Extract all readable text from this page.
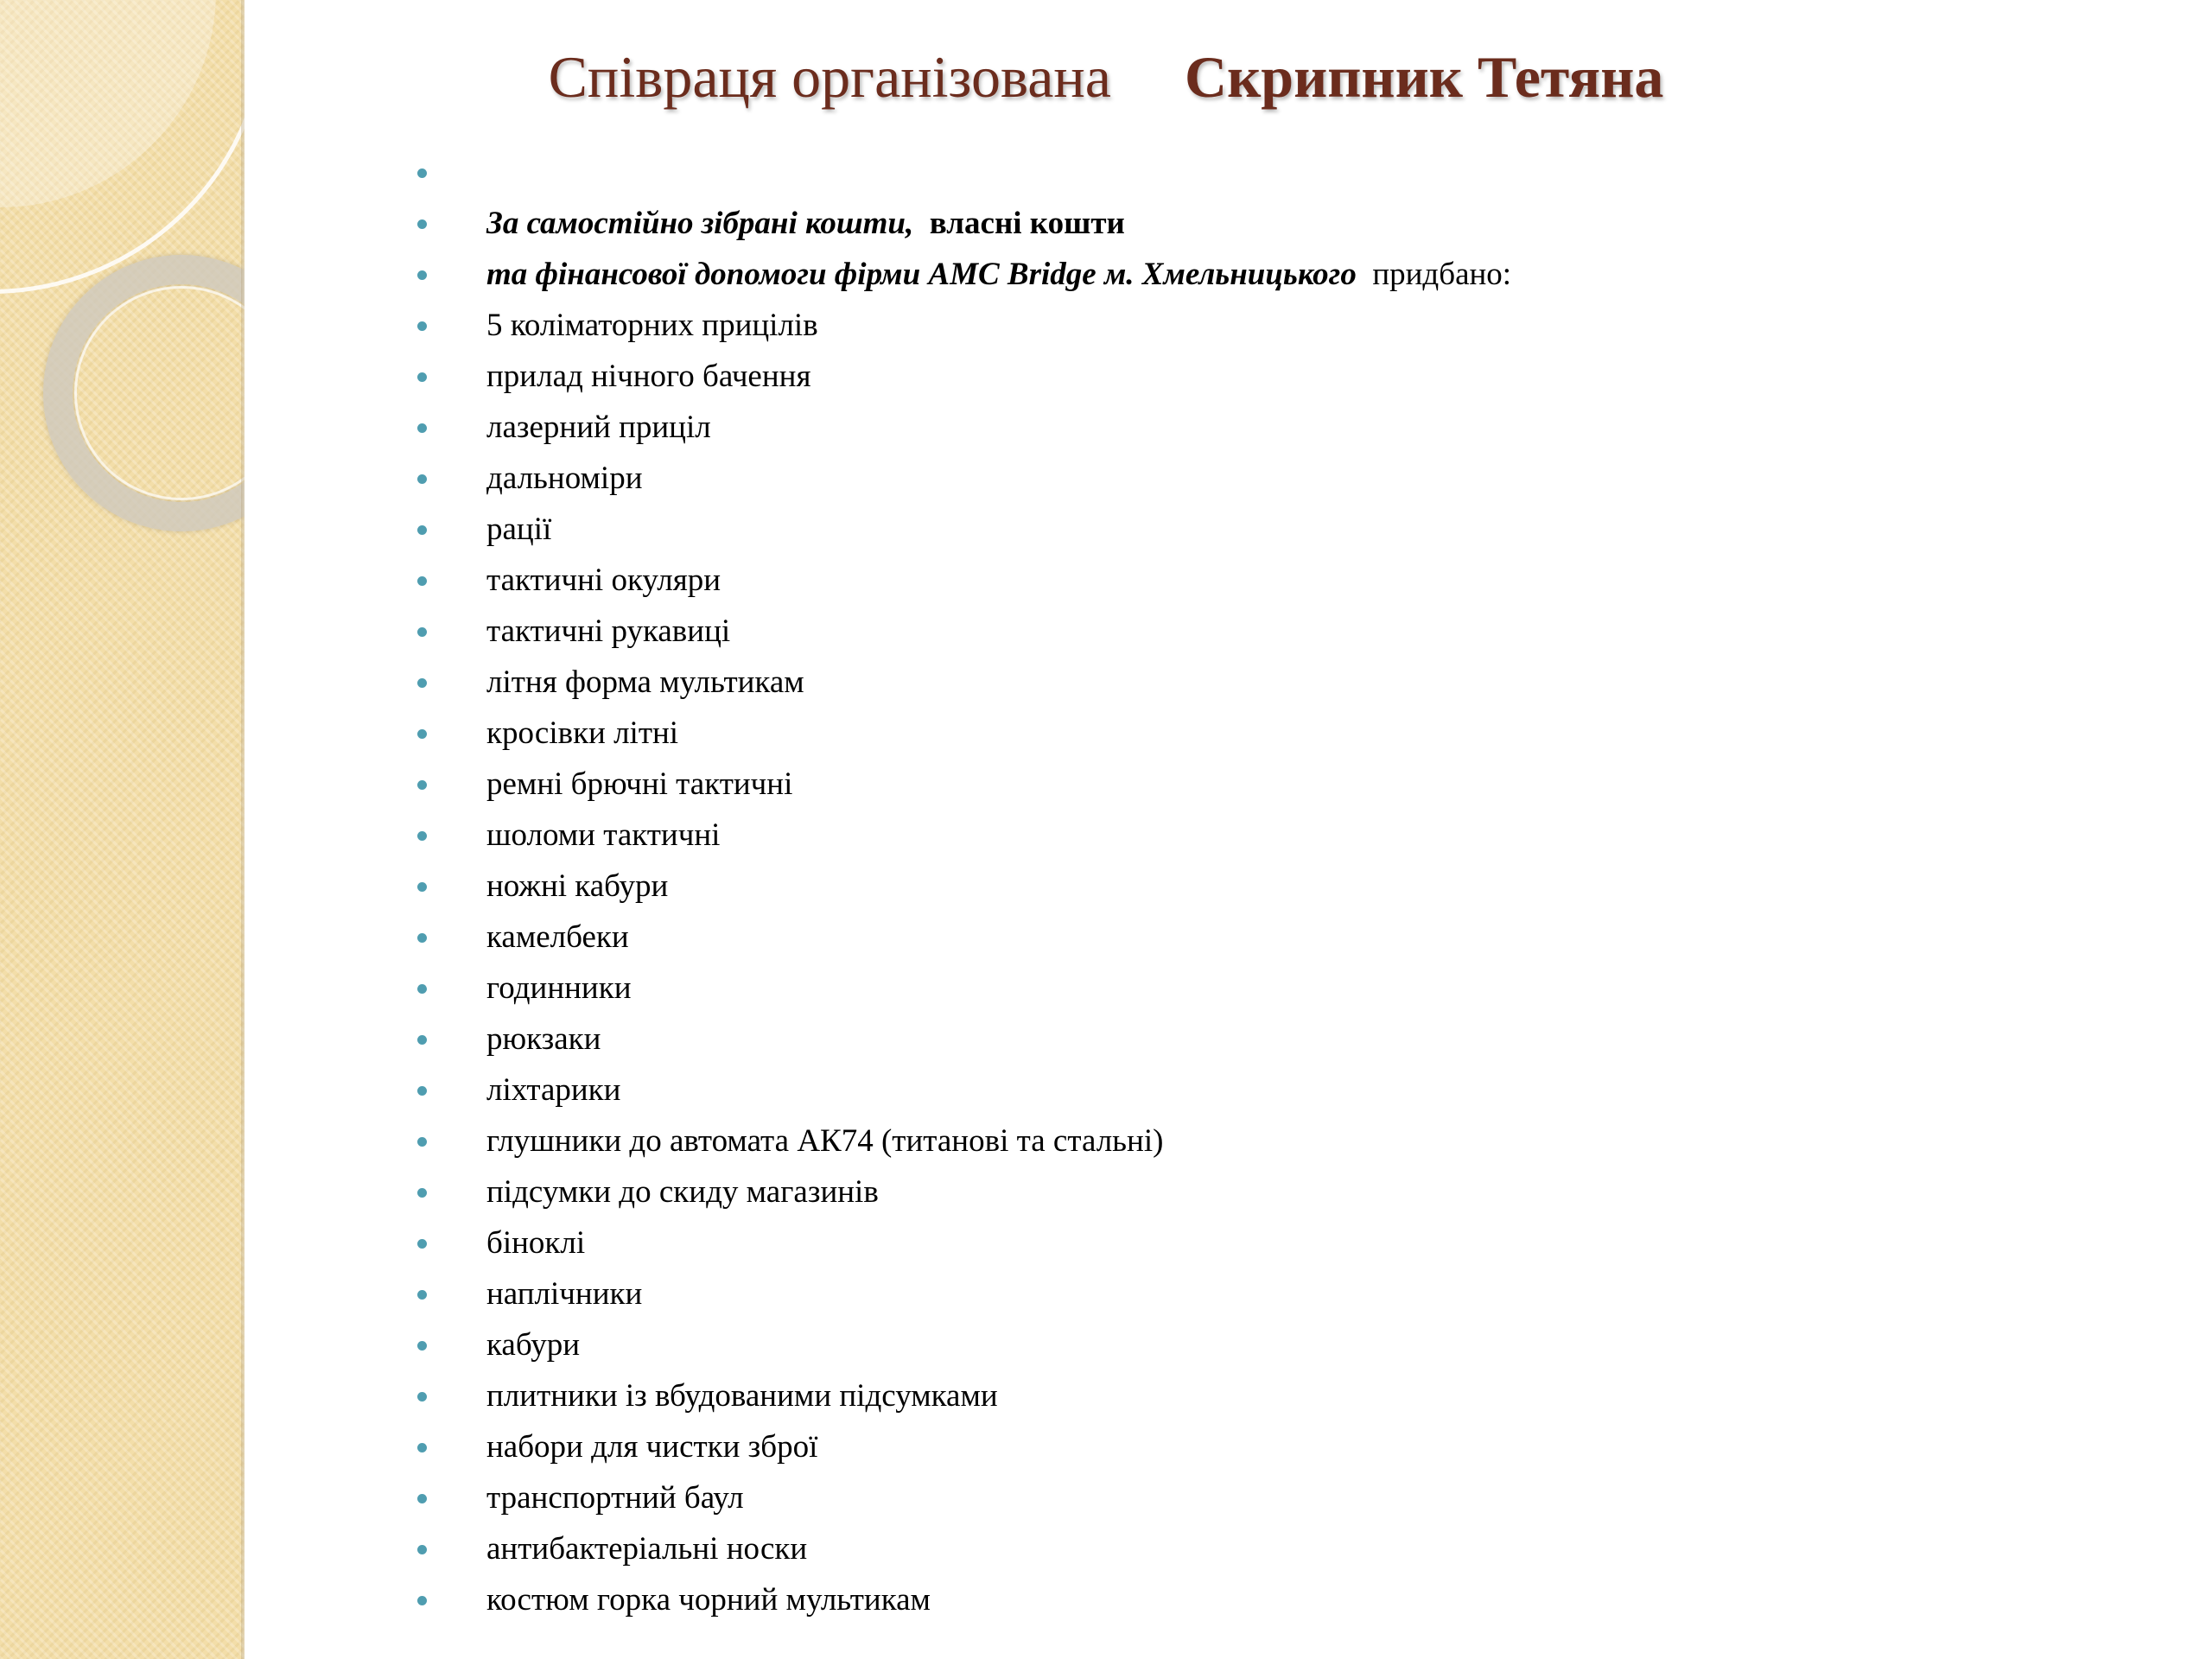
Співраця організована Скрипник Тетяна
За самостійно зібрані кошти,  власні кошти
та фінансової допомоги фірми AMC Bridge м. Хмельницького  придбано:
5 коліматорних прицілів
прилад нічного бачення
лазерний приціл
дальноміри
рації
тактичні окуляри
тактичні рукавиці
літня форма мультикам
кросівки літні
ремні брючні тактичні
шоломи тактичні
ножні кабури
камелбеки
годинники
рюкзаки
ліхтарики
глушники до автомата АК74 (титанові та стальні)
підсумки до скиду магазинів
біноклі
наплічники
кабури
плитники із вбудованими підсумками
набори для чистки зброї
транспортний баул
антибактеріальні носки
костюм горка чорний мультикам
